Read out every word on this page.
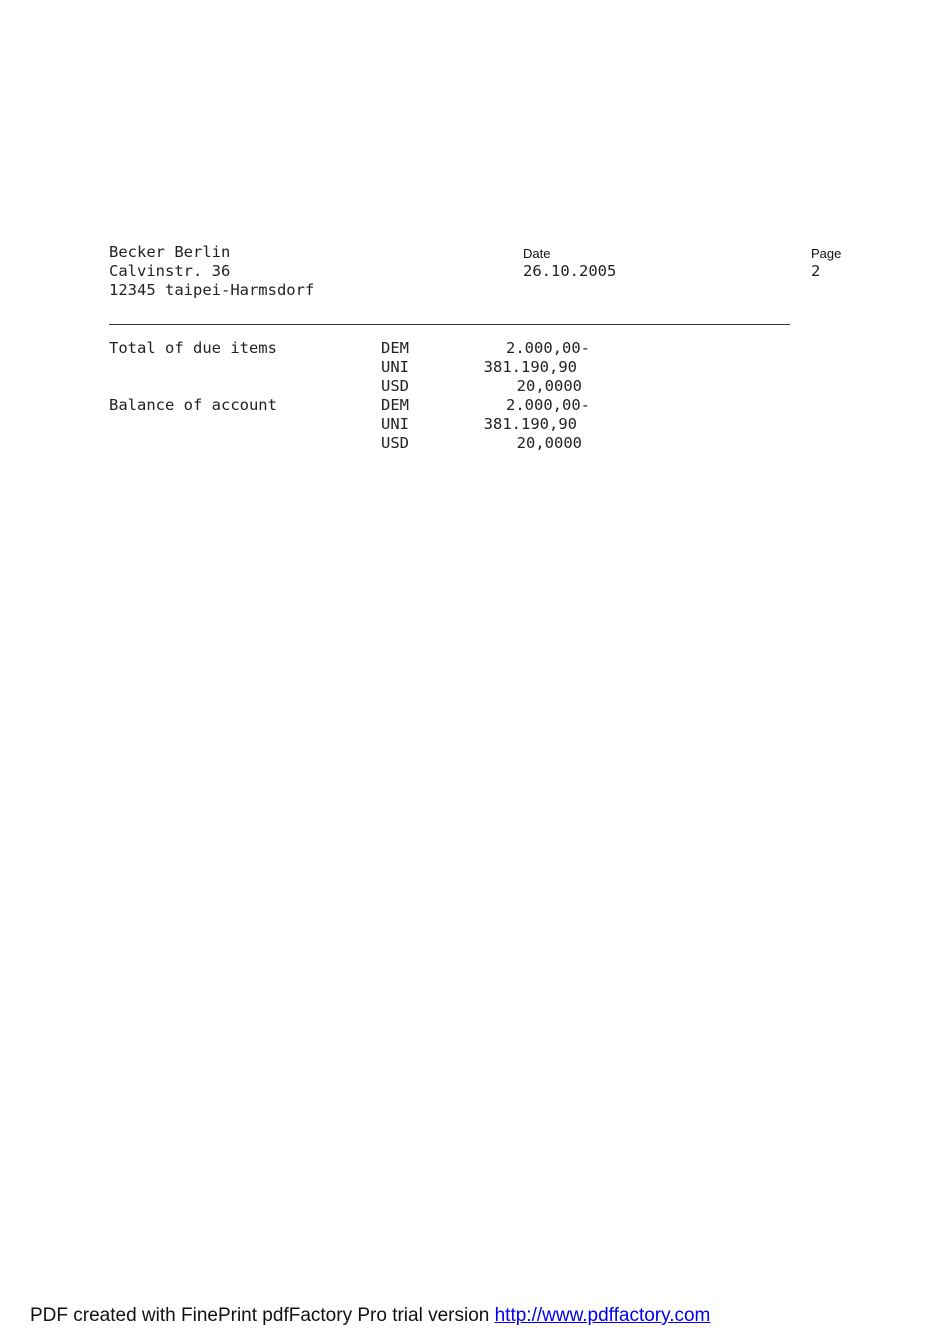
Becker Berlin
Calvinstr. 36
12345 taipei-Harmsdorf
Date
26.10.2005
Page
2
Total of due items	DEM	2.000,00-
UNI	381.190,90
USD	20,0000
Balance of account	DEM	2.000,00-
UNI	381.190,90
USD	20,0000
PDF created with FinePrint pdfFactory Pro trial version http://www.pdffactory.com
